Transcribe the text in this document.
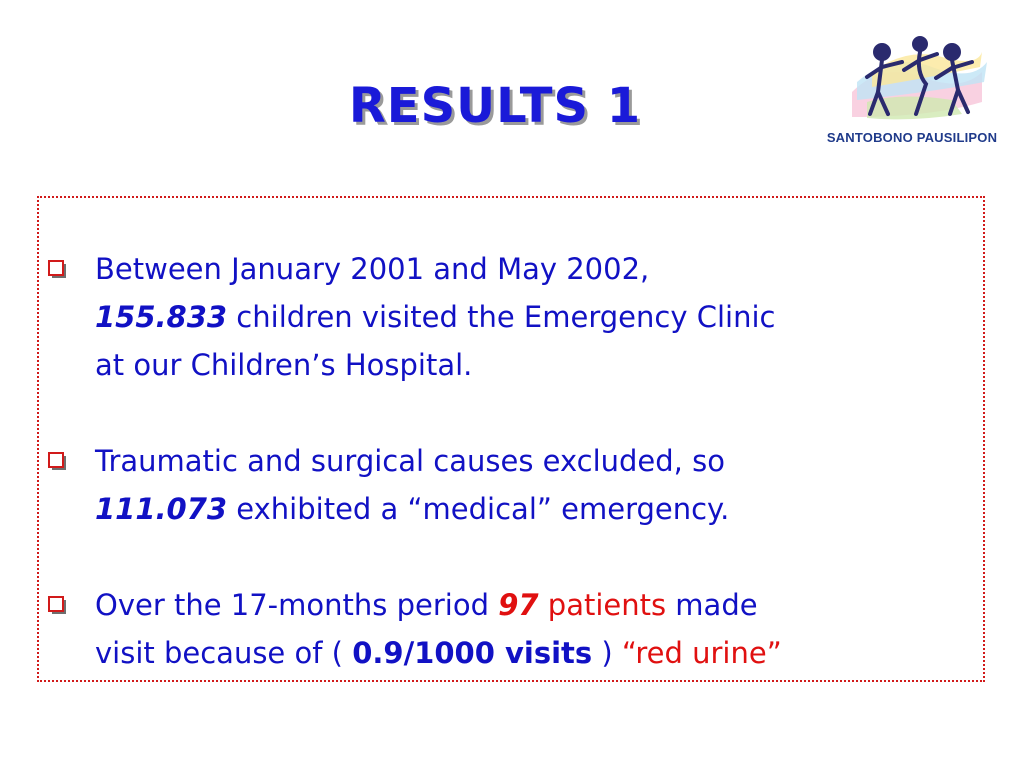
RESULTS 1
SANTOBONO PAUSILIPON
Between January 2001 and May 2002,
155.833 children visited the Emergency Clinic
at our Children’s Hospital.
Traumatic and surgical causes excluded, so
111.073 exhibited a “medical” emergency.
Over the 17-months period 97 patients made
visit because of ( 0.9/1000 visits ) “red urine”
